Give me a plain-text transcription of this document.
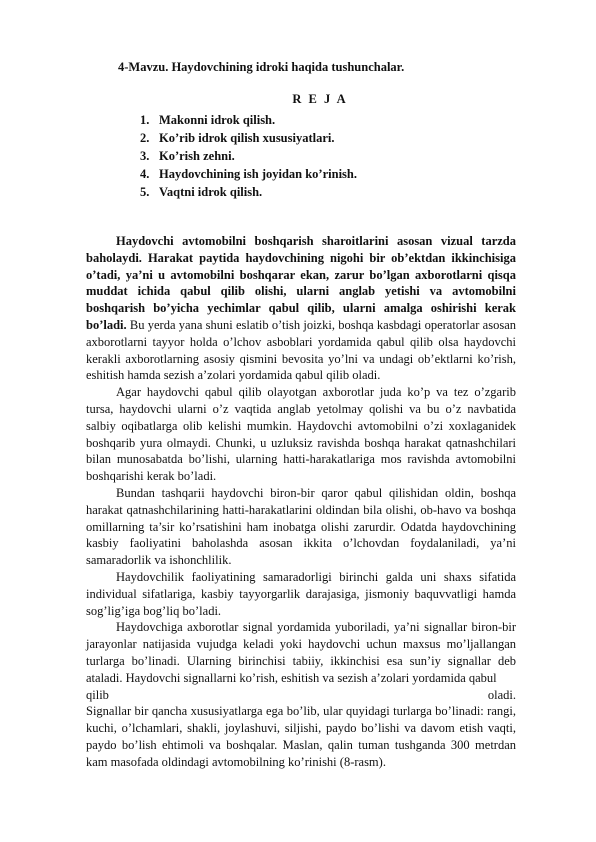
4-Mavzu. Haydovchining idroki haqida tushunchalar.

R E J A

1. Makonni idrok qilish.
2. Ko’rib idrok qilish xususiyatlari.
3. Ko’rish zehni.
4. Haydovchining ish joyidan ko’rinish.
5. Vaqtni idrok qilish.

Haydovchi avtomobilni boshqarish sharoitlarini asosan vizual tarzda baholaydi. Harakat paytida haydovchining nigohi bir ob’ektdan ikkinchisiga o’tadi, ya’ni u avtomobilni boshqarar ekan, zarur bo’lgan axborotlarni qisqa muddat ichida qabul qilib olishi, ularni anglab yetishi va avtomobilni boshqarish bo’yicha yechimlar qabul qilib, ularni amalga oshirishi kerak bo’ladi. Bu yerda yana shuni eslatib o’tish joizki, boshqa kasbdagi operatorlar asosan axborotlarni tayyor holda o’lchov asboblari yordamida qabul qilib olsa haydovchi kerakli axborotlarning asosiy qismini bevosita yo’lni va undagi ob’ektlarni ko’rish, eshitish hamda sezish a’zolari yordamida qabul qilib oladi.

Agar haydovchi qabul qilib olayotgan axborotlar juda ko’p va tez o’zgarib tursa, haydovchi ularni o’z vaqtida anglab yetolmay qolishi va bu o’z navbatida salbiy oqibatlarga olib kelishi mumkin. Haydovchi avtomobilni o’zi xoxlaganidek boshqarib yura olmaydi. Chunki, u uzluksiz ravishda boshqa harakat qatnashchilari bilan munosabatda bo’lishi, ularning hatti-harakatlariga mos ravishda avtomobilni boshqarishi kerak bo’ladi.

Bundan tashqarii haydovchi biron-bir qaror qabul qilishidan oldin, boshqa harakat qatnashchilarining hatti-harakatlarini oldindan bila olishi, ob-havo va boshqa omillarning ta’sir ko’rsatishini ham inobatga olishi zarurdir. Odatda haydovchining kasbiy faoliyatini baholashda asosan ikkita o’lchovdan foydalaniladi, ya’ni samaradorlik va ishonchlilik.

Haydovchilik faoliyatining samaradorligi birinchi galda uni shaxs sifatida individual sifatlariga, kasbiy tayyorgarlik darajasiga, jismoniy baquvvatligi hamda sog’lig’iga bog’liq bo’ladi.

Haydovchiga axborotlar signal yordamida yuboriladi, ya’ni signallar biron-bir jarayonlar natijasida vujudga keladi yoki haydovchi uchun maxsus mo’ljallangan turlarga bo’linadi. Ularning birinchisi tabiiy, ikkinchisi esa sun’iy signallar deb ataladi. Haydovchi signallarni ko’rish, eshitish va sezish a’zolari yordamida qabul

qilib	oladi.

Signallar bir qancha xususiyatlarga ega bo’lib, ular quyidagi turlarga bo’linadi: rangi, kuchi, o’lchamlari, shakli, joylashuvi, siljishi, paydo bo’lishi va davom etish vaqti, paydo bo’lish ehtimoli va boshqalar. Maslan, qalin tuman tushganda 300 metrdan kam masofada oldindagi avtomobilning ko’rinishi (8-rasm).
